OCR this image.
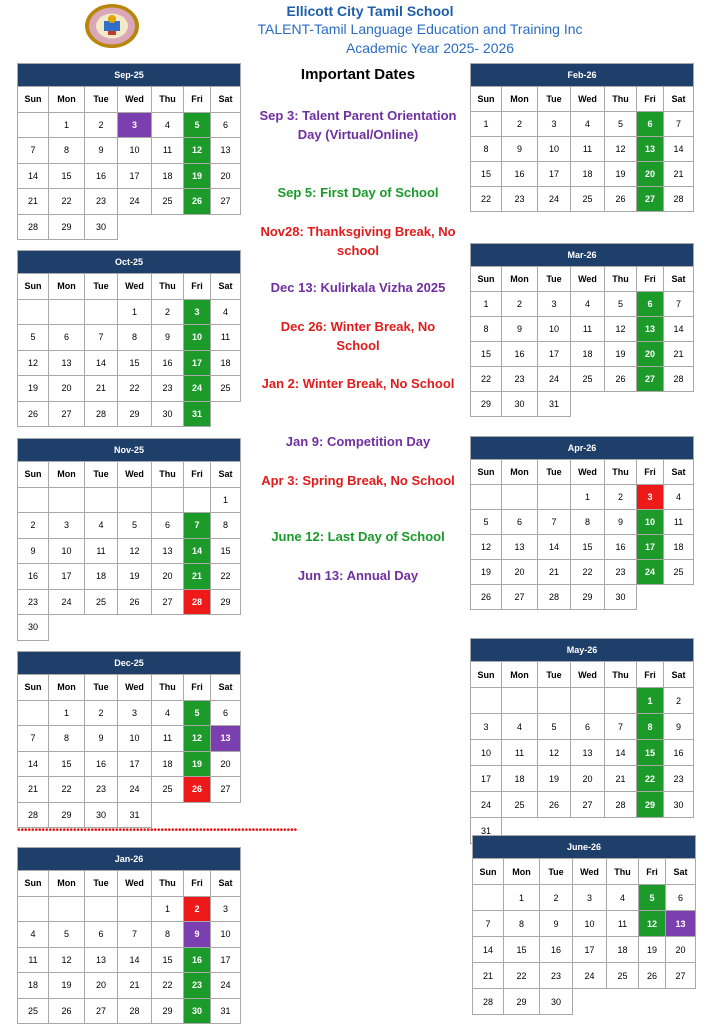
Ellicott City Tamil School
TALENT-Tamil Language Education and Training Inc
Academic Year 2025- 2026
Sep-25						
Sun	Mon	Tue	Wed	Thu	Fri	Sat
	1	2	3	4	5	6
7	8	9	10	11	12	13
14	15	16	17	18	19	20
21	22	23	24	25	26	27
28	29	30				
Oct-25						
Sun	Mon	Tue	Wed	Thu	Fri	Sat
			1	2	3	4
5	6	7	8	9	10	11
12	13	14	15	16	17	18
19	20	21	22	23	24	25
26	27	28	29	30	31	
Nov-25						
Sun	Mon	Tue	Wed	Thu	Fri	Sat
						1
2	3	4	5	6	7	8
9	10	11	12	13	14	15
16	17	18	19	20	21	22
23	24	25	26	27	28	29
30						
Dec-25						
Sun	Mon	Tue	Wed	Thu	Fri	Sat
	1	2	3	4	5	6
7	8	9	10	11	12	13
14	15	16	17	18	19	20
21	22	23	24	25	26	27
28	29	30	31			
Jan-26						
Sun	Mon	Tue	Wed	Thu	Fri	Sat
				1	2	3
4	5	6	7	8	9	10
11	12	13	14	15	16	17
18	19	20	21	22	23	24
25	26	27	28	29	30	31
Feb-26						
Sun	Mon	Tue	Wed	Thu	Fri	Sat
1	2	3	4	5	6	7
8	9	10	11	12	13	14
15	16	17	18	19	20	21
22	23	24	25	26	27	28
Mar-26						
Sun	Mon	Tue	Wed	Thu	Fri	Sat
1	2	3	4	5	6	7
8	9	10	11	12	13	14
15	16	17	18	19	20	21
22	23	24	25	26	27	28
29	30	31				
Apr-26						
Sun	Mon	Tue	Wed	Thu	Fri	Sat
			1	2	3	4
5	6	7	8	9	10	11
12	13	14	15	16	17	18
19	20	21	22	23	24	25
26	27	28	29	30		
May-26						
Sun	Mon	Tue	Wed	Thu	Fri	Sat
					1	2
3	4	5	6	7	8	9
10	11	12	13	14	15	16
17	18	19	20	21	22	23
24	25	26	27	28	29	30
31						
June-26						
Sun	Mon	Tue	Wed	Thu	Fri	Sat
	1	2	3	4	5	6
7	8	9	10	11	12	13
14	15	16	17	18	19	20
21	22	23	24	25	26	27
28	29	30				
••••••••••••••••••••••••••••••••••••••••••••••••••••••••••••••••••••••••••••••••
Important Dates
Sep 3: Talent Parent Orientation Day (Virtual/Online)
Sep 5: First Day of School
Nov28: Thanksgiving Break, No school
Dec 13: Kulirkala Vizha 2025
Dec 26: Winter Break, No School
Jan 2: Winter Break, No School
Jan 9: Competition Day
Apr 3: Spring Break, No School
June 12: Last Day of School
Jun 13: Annual Day
